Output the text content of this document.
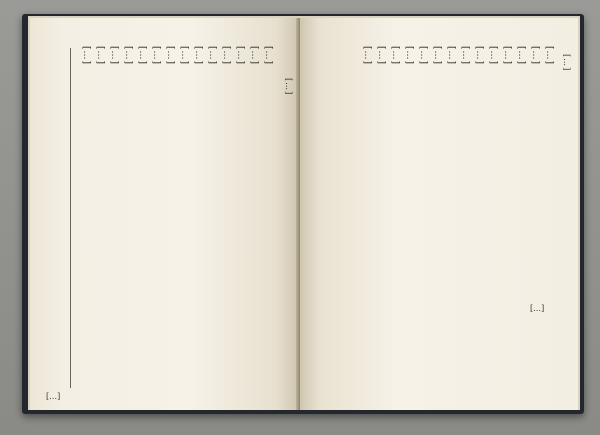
[…]
[…]
[…]
[…]
[…]
[…]
[…]
[…]
[…]
[…]
[…]
[…]
[…]
[…]
[…]
[…]
[…]
[…]
[…]
[…]
[…]
[…]
[…]
[…]
[…]
[…]
[…]
[…]
[…]
[…]
[…]
[…]
